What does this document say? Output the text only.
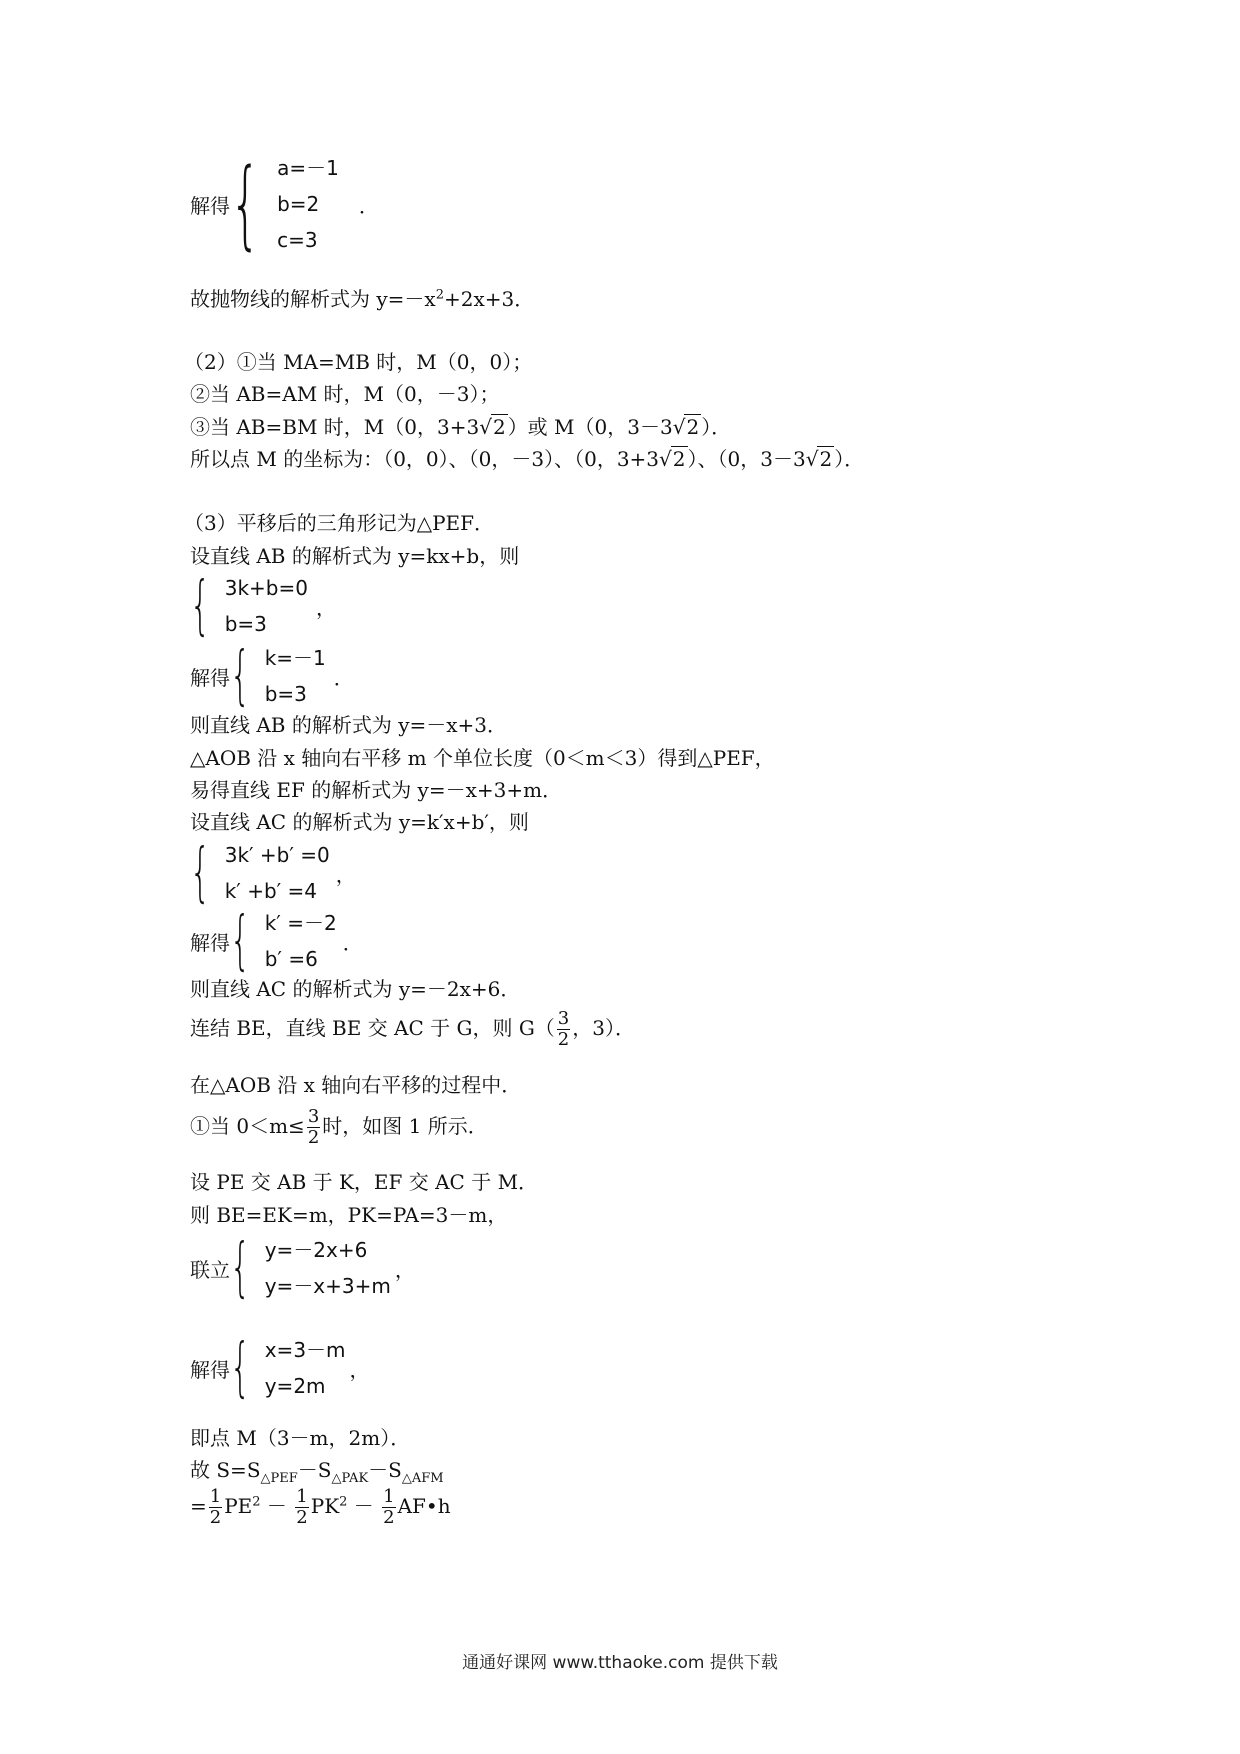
解得 { a=－1
b=2
c=3
．
故抛物线的解析式为 $y=-x^2+2x+3$．
（2）①当 MA=MB 时，M（0，0）；
②当 AB=AM 时，M（0，－3）；
③当 AB=BM 时，M（0，3+3√2 ）或 M（0，3－3√2 ）．
所以点 M 的坐标为：（0，0）、（0，－3）、（0，3+3√2 ）、（0，3－3√2 ）．
（3）平移后的三角形记为△PEF．
设直线 AB 的解析式为 y=kx+b，则
{ 3k+b=0
b=3
，
解得 { k=－1
b=3
．
则直线 AB 的解析式为 y=－x+3．
△AOB 沿 x 轴向右平移 m 个单位长度（0＜m＜3）得到△PEF，
易得直线 EF 的解析式为 y=－x+3+m．
设直线 AC 的解析式为 y=k′x+b′，则
{ 3k′ +b′ =0
k′ +b′ =4
，
解得 { k′ =－2
b′ =6
．
则直线 AC 的解析式为 y=－2x+6．
连结 BE，直线 BE 交 AC 于 G，则 $G( \frac{3}{2}$ ，3）．
在△AOB 沿 x 轴向右平移的过程中．
①当 $0<m\le \frac{3}{2}$ 时，如图 1 所示．
设 PE 交 AB 于 K，EF 交 AC 于 M．
则 BE=EK=m，PK=PA=3－m，
联立 { y=－2x+6
y=－x+3+m
，
解得 { x=3－m
y=2m
，
即点 M（3－m，2m）．
故 $S=S_{\triangle PEF}-S_{\triangle PAK}-S_{\triangle AFM}$
= $\frac{1}{2} PE^2 - \frac{1}{2} PK^2 - \frac{1}{2}$ AF•h
通通好课网 www.tthaoke.com 提供下载
